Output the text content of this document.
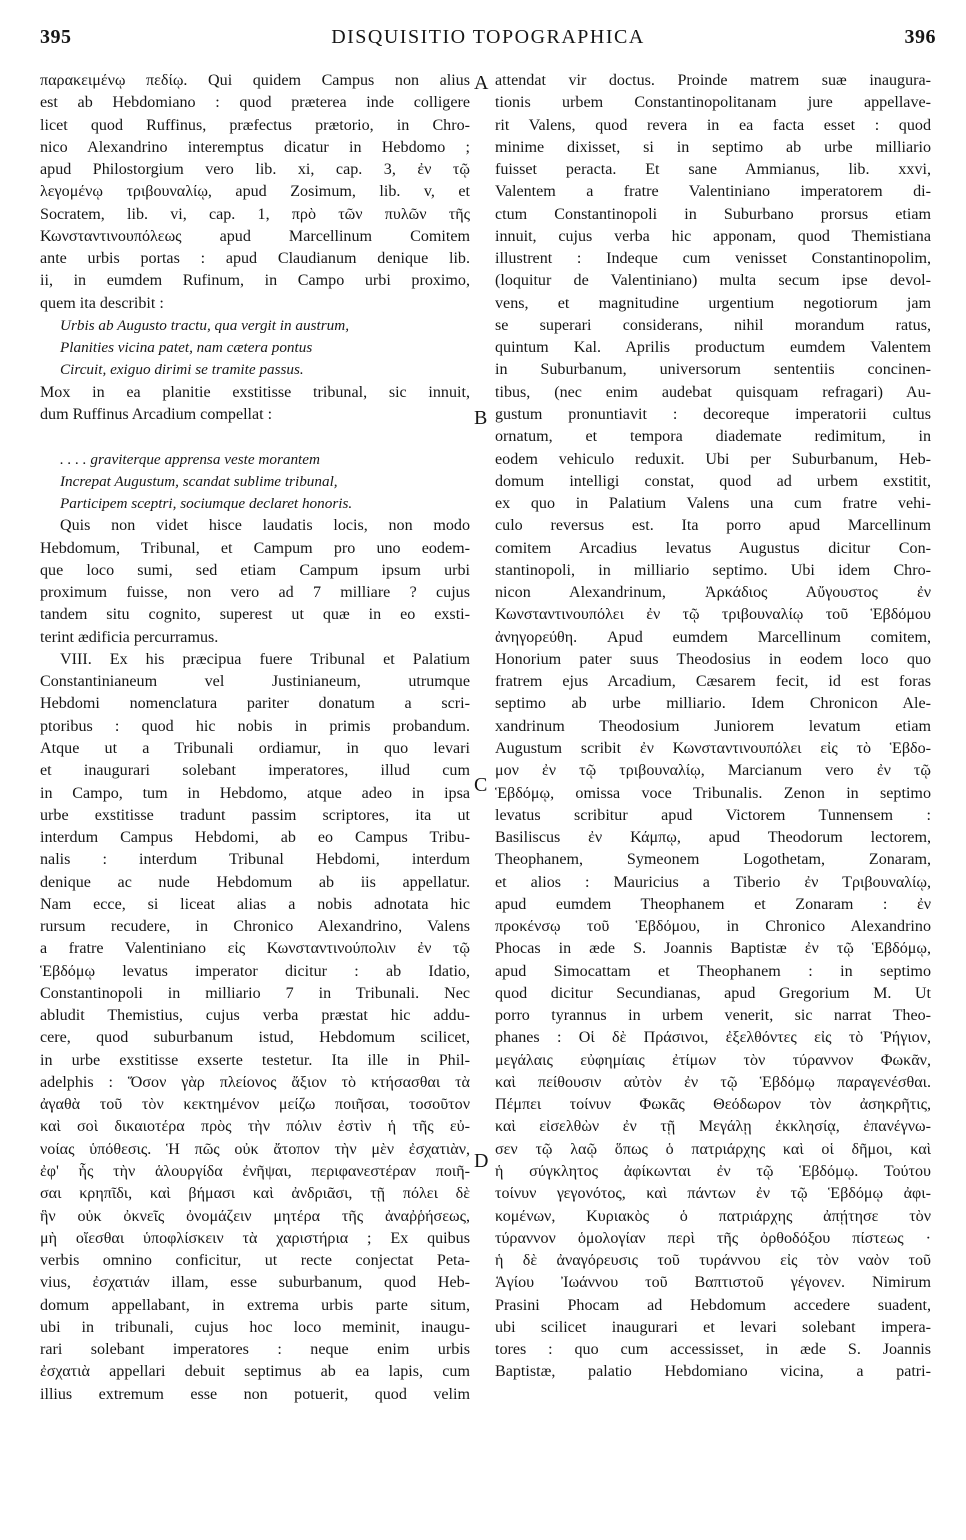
395	DISQUISITIO TOPOGRAPHICA	396
A
B
C
D
παρακειμένῳ πεδίῳ. Qui quidem Campus non alius
est ab Hebdomiano : quod præterea inde colligere
licet quod Ruffinus, præfectus prætorio, in Chro-
nico Alexandrino interemptus dicatur in Hebdomo ;
apud Philostorgium vero lib. xi, cap. 3, ἐν τῷ
λεγομένῳ τριβουναλίῳ, apud Zosimum, lib. v, et
Socratem, lib. vi, cap. 1, πρὸ τῶν πυλῶν τῆς
Κωνσταντινουπόλεως apud Marcellinum Comitem
ante urbis portas : apud Claudianum denique lib.
ii, in eumdem Rufinum, in Campo urbi proximo,
quem ita describit :
Urbis ab Augusto tractu, qua vergit in austrum,
Planities vicina patet, nam cætera pontus
Circuit, exiguo dirimi se tramite passus.
Mox in ea planitie exstitisse tribunal, sic innuit,
dum Ruffinus Arcadium compellat :
. . . . graviterque apprensa veste morantem
Increpat Augustum, scandat sublime tribunal,
Participem sceptri, sociumque declaret honoris.
Quis non videt hisce laudatis locis, non modo
Hebdomum, Tribunal, et Campum pro uno eodem-
que loco sumi, sed etiam Campum ipsum urbi
proximum fuisse, non vero ad 7 milliare ? cujus
tandem situ cognito, superest ut quæ in eo exsti-
terint ædificia percurramus.
VIII. Ex his præcipua fuere Tribunal et Palatium
Constantinianeum vel Justinianeum, utrumque
Hebdomi nomenclatura pariter donatum a scri-
ptoribus : quod hic nobis in primis probandum.
Atque ut a Tribunali ordiamur, in quo levari
et inaugurari solebant imperatores, illud cum
in Campo, tum in Hebdomo, atque adeo in ipsa
urbe exstitisse tradunt passim scriptores, ita ut
interdum Campus Hebdomi, ab eo Campus Tribu-
nalis : interdum Tribunal Hebdomi, interdum
denique ac nude Hebdomum ab iis appellatur.
Nam ecce, si liceat alias a nobis adnotata hic
rursum recudere, in Chronico Alexandrino, Valens
a fratre Valentiniano εἰς Κωνσταντινούπολιν ἐν τῷ
Ἑβδόμῳ levatus imperator dicitur : ab Idatio,
Constantinopoli in milliario 7 in Tribunali. Nec
abludit Themistius, cujus verba præstat hic addu-
cere, quod suburbanum istud, Hebdomum scilicet,
in urbe exstitisse exserte testetur. Ita ille in Phil-
adelphis : Ὅσον γὰρ πλείονος ἄξιον τὸ κτήσασθαι τὰ
ἀγαθὰ τοῦ τὸν κεκτημένον μείζω ποιῆσαι, τοσοῦτον
καὶ σοὶ δικαιοτέρα πρὸς τὴν πόλιν ἐστὶν ἡ τῆς εὐ-
νοίας ὑπόθεσις. Ἡ πῶς οὐκ ἄτοπον τὴν μὲν ἐσχατιὰν,
ἐφ' ἧς τὴν ἁλουργίδα ἐνῆψαι, περιφανεστέραν ποιῆ-
σαι κρηπῖδι, καὶ βήμασι καὶ ἀνδριᾶσι, τῇ πόλει δὲ
ἣν οὐκ ὀκνεῖς ὀνομάζειν μητέρα τῆς ἀναῤῥήσεως,
μὴ οἴεσθαι ὑποφλίσκειν τὰ χαριστήρια ; Ex quibus
verbis omnino conficitur, ut recte conjectat Peta-
vius, ἐσχατιάν illam, esse suburbanum, quod Heb-
domum appellabant, in extrema urbis parte situm,
ubi in tribunali, cujus hoc loco meminit, inaugu-
rari solebant imperatores : neque enim urbis
ἐσχατιὰ appellari debuit septimus ab ea lapis, cum
illius extremum esse non potuerit, quod velim
attendat vir doctus. Proinde matrem suæ inaugura-
tionis urbem Constantinopolitanam jure appellave-
rit Valens, quod revera in ea facta esset : quod
minime dixisset, si in septimo ab urbe milliario
fuisset peracta. Et sane Ammianus, lib. xxvi,
Valentem a fratre Valentiniano imperatorem di-
ctum Constantinopoli in Suburbano prorsus etiam
innuit, cujus verba hic apponam, quod Themistiana
illustrent : Indeque cum venisset Constantinopolim,
(loquitur de Valentiniano) multa secum ipse devol-
vens, et magnitudine urgentium negotiorum jam
se superari considerans, nihil morandum ratus,
quintum Kal. Aprilis productum eumdem Valentem
in Suburbanum, universorum sententiis concinen-
tibus, (nec enim audebat quisquam refragari) Au-
gustum pronuntiavit : decoreque imperatorii cultus
ornatum, et tempora diademate redimitum, in
eodem vehiculo reduxit. Ubi per Suburbanum, Heb-
domum intelligi constat, quod ad urbem exstitit,
ex quo in Palatium Valens una cum fratre vehi-
culo reversus est. Ita porro apud Marcellinum
comitem Arcadius levatus Augustus dicitur Con-
stantinopoli, in milliario septimo. Ubi idem Chro-
nicon Alexandrinum, Ἀρκάδιος Αὔγουστος ἐν
Κωνσταντινουπόλει ἐν τῷ τριβουναλίῳ τοῦ Ἑβδόμου
ἀνηγορεύθη. Apud eumdem Marcellinum comitem,
Honorium pater suus Theodosius in eodem loco quo
fratrem ejus Arcadium, Cæsarem fecit, id est foras
septimo ab urbe milliario. Idem Chronicon Ale-
xandrinum Theodosium Juniorem levatum etiam
Augustum scribit ἐν Κωνσταντινουπόλει εἰς τὸ Ἑβδο-
μον ἐν τῷ τριβουναλίῳ, Marcianum vero ἐν τῷ
Ἑβδόμῳ, omissa voce Tribunalis. Zenon in septimo
levatus scribitur apud Victorem Tunnensem :
Basiliscus ἐν Κάμπῳ, apud Theodorum lectorem,
Theophanem, Symeonem Logothetam, Zonaram,
et alios : Mauricius a Tiberio ἐν Τριβουναλίῳ,
apud eumdem Theophanem et Zonaram : ἐν
προκένσῳ τοῦ Ἑβδόμου, in Chronico Alexandrino
Phocas in æde S. Joannis Baptistæ ἐν τῷ Ἑβδόμῳ,
apud Simocattam et Theophanem : in septimo
quod dicitur Secundianas, apud Gregorium M. Ut
porro tyrannus in urbem venerit, sic narrat Theo-
phanes : Οἱ δὲ Πράσινοι, ἐξελθόντες εἰς τὸ Ῥήγιον,
μεγάλαις εὐφημίαις ἐτίμων τὸν τύραννον Φωκᾶν,
καὶ πείθουσιν αὐτὸν ἐν τῷ Ἑβδόμῳ παραγενέσθαι.
Πέμπει τοίνυν Φωκᾶς Θεόδωρον τὸν ἀσηκρῆτις,
καὶ εἰσελθὼν ἐν τῇ Μεγάλῃ ἐκκλησίᾳ, ἐπανέγνω-
σεν τῷ λαῷ ὅπως ὁ πατριάρχης καὶ οἱ δῆμοι, καὶ
ἡ σύγκλητος ἀφίκωνται ἐν τῷ Ἑβδόμῳ. Τούτου
τοίνυν γεγονότος, καὶ πάντων ἐν τῷ Ἑβδόμῳ ἀφι-
κομένων, Κυριακὸς ὁ πατριάρχης ἀπῄτησε τὸν
τύραννον ὁμολογίαν περὶ τῆς ὀρθοδόξου πίστεως ·
ἡ δὲ ἀναγόρευσις τοῦ τυράννου εἰς τὸν ναὸν τοῦ
Ἁγίου Ἰωάννου τοῦ Βαπτιστοῦ γέγονεν. Nimirum
Prasini Phocam ad Hebdomum accedere suadent,
ubi scilicet inaugurari et levari solebant impera-
tores : quo cum accessisset, in æde S. Joannis
Baptistæ, palatio Hebdomiano vicina, a patri-
